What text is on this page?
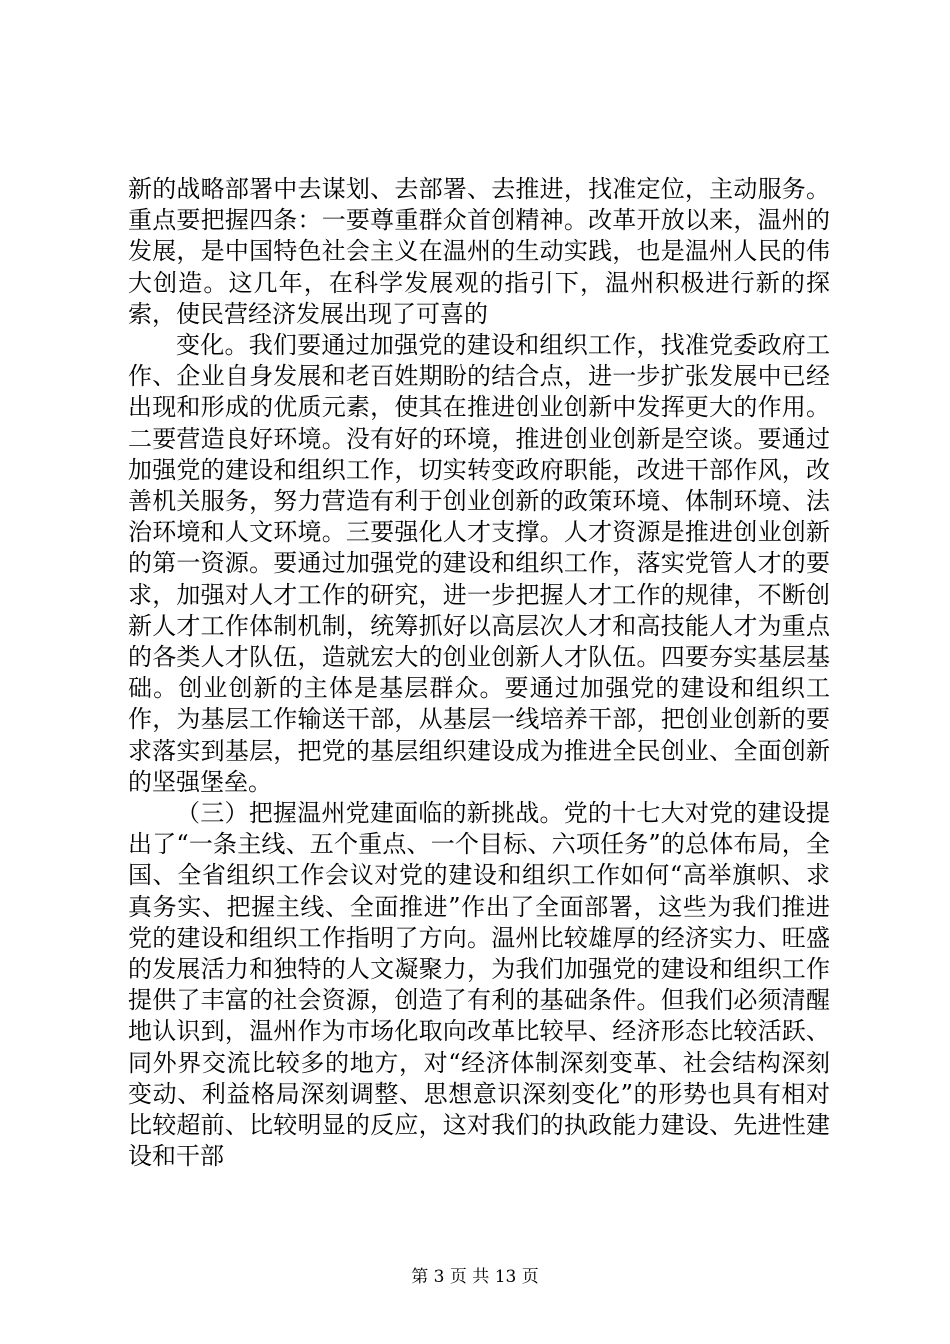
新的战略部署中去谋划、去部署、去推进，找准定位，主动服务。重点要把握四条：一要尊重群众首创精神。改革开放以来，温州的发展，是中国特色社会主义在温州的生动实践，也是温州人民的伟大创造。这几年，在科学发展观的指引下，温州积极进行新的探索，使民营经济发展出现了可喜的

变化。我们要通过加强党的建设和组织工作，找准党委政府工作、企业自身发展和老百姓期盼的结合点，进一步扩张发展中已经出现和形成的优质元素，使其在推进创业创新中发挥更大的作用。二要营造良好环境。没有好的环境，推进创业创新是空谈。要通过加强党的建设和组织工作，切实转变政府职能，改进干部作风，改善机关服务，努力营造有利于创业创新的政策环境、体制环境、法治环境和人文环境。三要强化人才支撑。人才资源是推进创业创新的第一资源。要通过加强党的建设和组织工作，落实党管人才的要求，加强对人才工作的研究，进一步把握人才工作的规律，不断创新人才工作体制机制，统筹抓好以高层次人才和高技能人才为重点的各类人才队伍，造就宏大的创业创新人才队伍。四要夯实基层基础。创业创新的主体是基层群众。要通过加强党的建设和组织工作，为基层工作输送干部，从基层一线培养干部，把创业创新的要求落实到基层，把党的基层组织建设成为推进全民创业、全面创新的坚强堡垒。

（三）把握温州党建面临的新挑战。党的十七大对党的建设提出了“一条主线、五个重点、一个目标、六项任务”的总体布局，全国、全省组织工作会议对党的建设和组织工作如何“高举旗帜、求真务实、把握主线、全面推进”作出了全面部署，这些为我们推进党的建设和组织工作指明了方向。温州比较雄厚的经济实力、旺盛的发展活力和独特的人文凝聚力，为我们加强党的建设和组织工作提供了丰富的社会资源，创造了有利的基础条件。但我们必须清醒地认识到，温州作为市场化取向改革比较早、经济形态比较活跃、同外界交流比较多的地方，对“经济体制深刻变革、社会结构深刻变动、利益格局深刻调整、思想意识深刻变化”的形势也具有相对比较超前、比较明显的反应，这对我们的执政能力建设、先进性建设和干部

第 3 页 共 13 页
